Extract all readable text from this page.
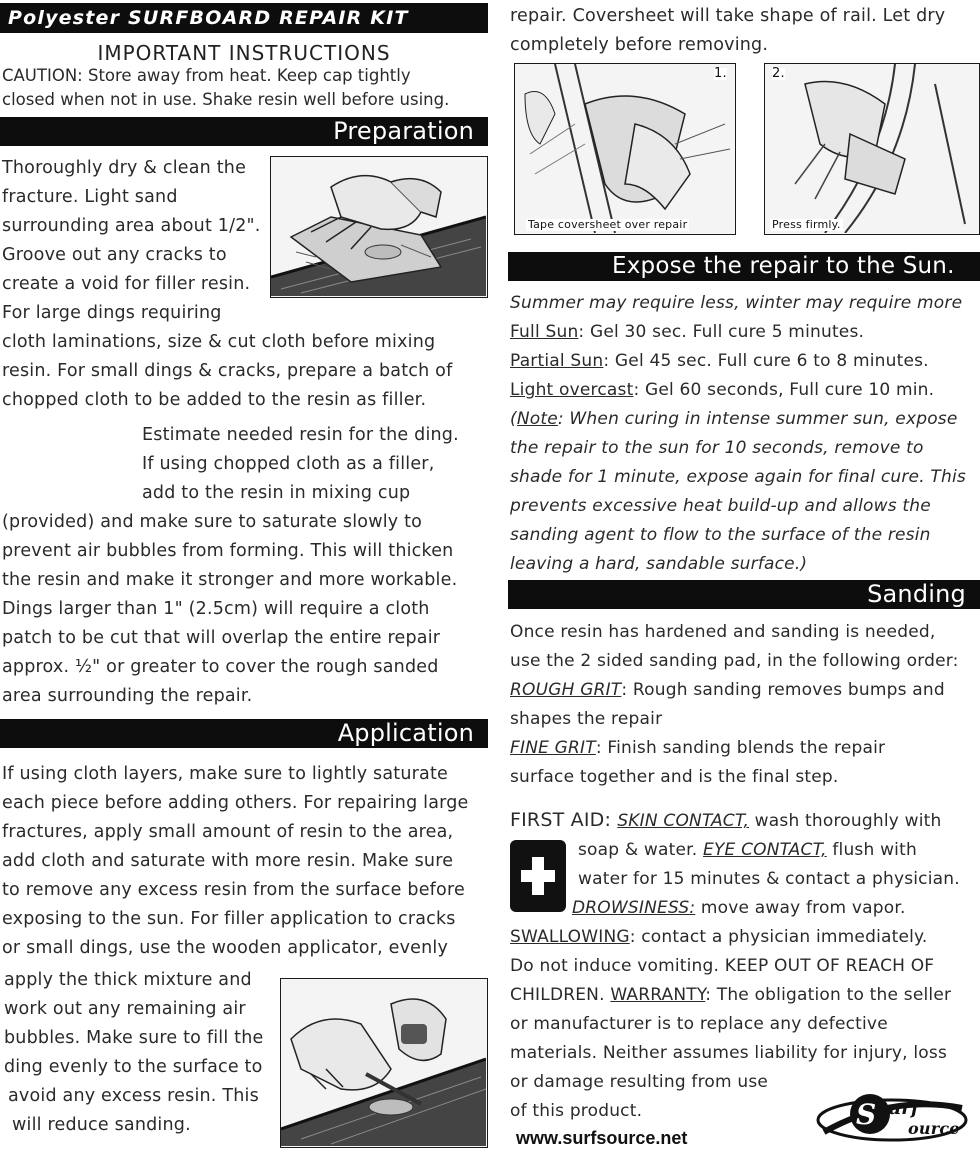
Polyester SURFBOARD REPAIR KIT
IMPORTANT INSTRUCTIONS
CAUTION: Store away from heat. Keep cap tightly
closed when not in use. Shake resin well before using.
Preparation
Thoroughly dry & clean the
fracture. Light sand
surrounding area about 1/2".
Groove out any cracks to
create a void for filler resin.
For large dings requiring
cloth laminations, size & cut cloth before mixing
resin. For small dings & cracks, prepare a batch of
chopped cloth to be added to the resin as filler.
Estimate needed resin for the ding.
If using chopped cloth as a filler,
add to the resin in mixing cup
(provided) and make sure to saturate slowly to
prevent air bubbles from forming. This will thicken
the resin and make it stronger and more workable.
Dings larger than 1" (2.5cm) will require a cloth
patch to be cut that will overlap the entire repair
approx. ½" or greater to cover the rough sanded
area surrounding the repair.
Application
If using cloth layers, make sure to lightly saturate
each piece before adding others. For repairing large
fractures, apply small amount of resin to the area,
add cloth and saturate with more resin. Make sure
to remove any excess resin from the surface before
exposing to the sun. For filler application to cracks
or small dings, use the wooden applicator, evenly
apply the thick mixture and
work out any remaining air
bubbles. Make sure to fill the
ding evenly to the surface to
avoid any excess resin. This
will reduce sanding.
repair. Coversheet will take shape of rail. Let dry
completely before removing.
1.
Tape coversheet over repair
2.
Press firmly.
Expose the repair to the Sun.
Summer may require less, winter may require more
Full Sun: Gel 30 sec. Full cure 5 minutes.
Partial Sun: Gel 45 sec. Full cure 6 to 8 minutes.
Light overcast: Gel 60 seconds, Full cure 10 min.
(Note: When curing in intense summer sun, expose
the repair to the sun for 10 seconds, remove to
shade for 1 minute, expose again for final cure. This
prevents excessive heat build-up and allows the
sanding agent to flow to the surface of the resin
leaving a hard, sandable surface.)
Sanding
Once resin has hardened and sanding is needed,
use the 2 sided sanding pad, in the following order:
ROUGH GRIT: Rough sanding removes bumps and
shapes the repair
FINE GRIT: Finish sanding blends the repair
surface together and is the final step.
FIRST AID: SKIN CONTACT, wash thoroughly with
soap & water. EYE CONTACT, flush with
water for 15 minutes & contact a physician.
DROWSINESS: move away from vapor.
SWALLOWING: contact a physician immediately.
Do not induce vomiting. KEEP OUT OF REACH OF
CHILDREN. WARRANTY: The obligation to the seller
or manufacturer is to replace any defective
materials. Neither assumes liability for injury, loss
or damage resulting from use
of this product.
www.surfsource.net
S urf
ource
